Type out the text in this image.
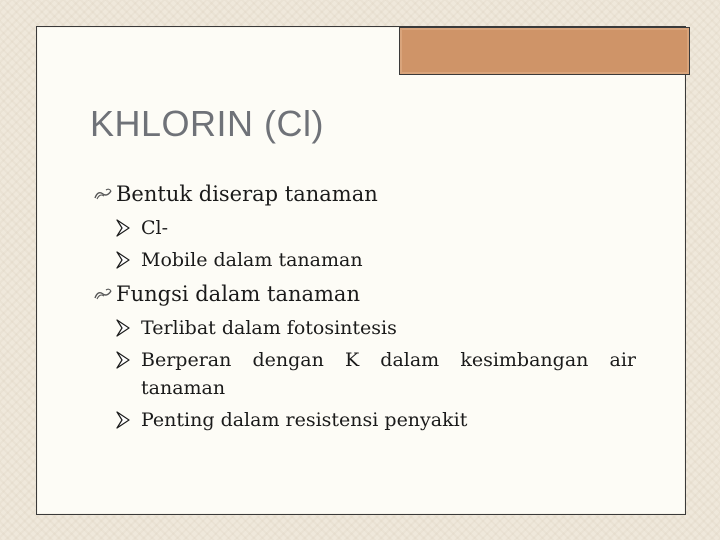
KHLORIN (Cl)
Bentuk diserap tanaman
Cl-
Mobile dalam tanaman
Fungsi dalam tanaman
Terlibat dalam fotosintesis
Berperan dengan K dalam kesimbangan air tanaman
Penting dalam resistensi penyakit
